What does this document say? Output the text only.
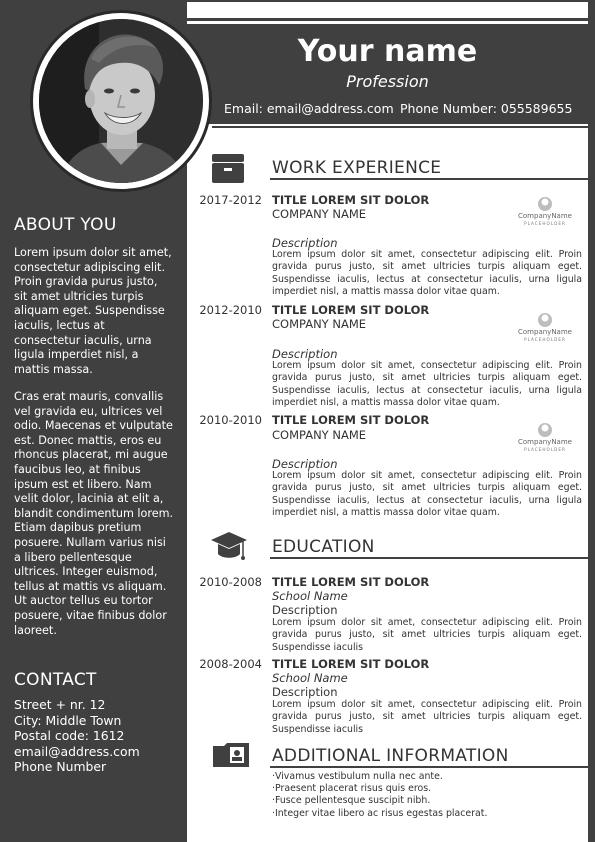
Your name
Profession
Email: email@address.com Phone Number: 055589655
ABOUT YOU
Lorem ipsum dolor sit amet, consectetur adipiscing elit. Proin gravida purus justo, sit amet ultricies turpis aliquam eget. Suspendisse iaculis, lectus at consectetur iaculis, urna ligula imperdiet nisl, a mattis massa.
Cras erat mauris, convallis vel gravida eu, ultrices vel odio. Maecenas et vulputate est. Donec mattis, eros eu rhoncus placerat, mi augue faucibus leo, at finibus ipsum est et libero. Nam velit dolor, lacinia at elit a, blandit condimentum lorem. Etiam dapibus pretium posuere. Nullam varius nisi a libero pellentesque ultrices. Integer euismod, tellus at mattis vs aliquam. Ut auctor tellus eu tortor posuere, vitae finibus dolor laoreet.
CONTACT
Street + nr. 12
City: Middle Town
Postal code: 1612
email@address.com
Phone Number
WORK EXPERIENCE
2017-2012 TITLE LOREM SIT DOLOR
COMPANY NAME	CompanyName
PLACEHOLDER
Description
Lorem ipsum dolor sit amet, consectetur adipiscing elit. Proin gravida purus justo, sit amet ultricies turpis aliquam eget. Suspendisse iaculis, lectus at consectetur iaculis, urna ligula imperdiet nisl, a mattis massa dolor vitae quam.
2012-2010 TITLE LOREM SIT DOLOR
COMPANY NAME
CompanyName
PLACEHOLDER
Description
Lorem ipsum dolor sit amet, consectetur adipiscing elit. Proin gravida purus justo, sit amet ultricies turpis aliquam eget. Suspendisse iaculis, lectus at consectetur iaculis, urna ligula imperdiet nisl, a mattis massa dolor vitae quam.
2010-2010 TITLE LOREM SIT DOLOR
COMPANY NAME	CompanyName
PLACEHOLDER
Description
Lorem ipsum dolor sit amet, consectetur adipiscing elit. Proin gravida purus justo, sit amet ultricies turpis aliquam eget. Suspendisse iaculis, lectus at consectetur iaculis, urna ligula imperdiet nisl, a mattis massa dolor vitae quam.
EDUCATION
2010-2008 TITLE LOREM SIT DOLOR
School Name
Description
Lorem ipsum dolor sit amet, consectetur adipiscing elit. Proin gravida purus justo, sit amet ultricies turpis aliquam eget. Suspendisse iaculis
2008-2004 TITLE LOREM SIT DOLOR
School Name
Description
Lorem ipsum dolor sit amet, consectetur adipiscing elit. Proin gravida purus justo, sit amet ultricies turpis aliquam eget. Suspendisse iaculis
ADDITIONAL INFORMATION
·Vivamus vestibulum nulla nec ante.
·Praesent placerat risus quis eros.
·Fusce pellentesque suscipit nibh.
·Integer vitae libero ac risus egestas placerat.
